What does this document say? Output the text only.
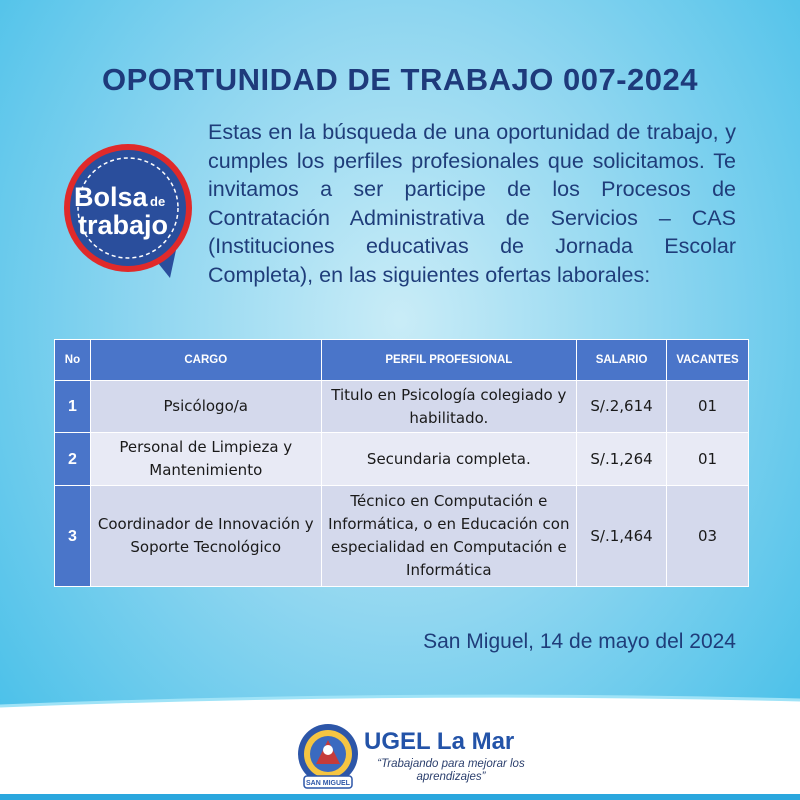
OPORTUNIDAD DE TRABAJO 007-2024
Bolsa de
trabajo
Estas en la búsqueda de una oportunidad de trabajo, y cumples los perfiles profesionales que solicitamos. Te invitamos a ser participe de los Procesos de Contratación Administrativa de Servicios – CAS (Instituciones educativas de Jornada Escolar Completa), en las siguientes ofertas laborales:
No	CARGO	PERFIL PROFESIONAL	SALARIO	VACANTES
1	Psicólogo/a	Titulo en Psicología colegiado y habilitado.	S/.2,614	01
2	Personal de Limpieza y Mantenimiento	Secundaria completa.	S/.1,264	01
3	Coordinador de Innovación y Soporte Tecnológico	Técnico en Computación e Informática, o en Educación con especialidad en Computación e Informática	S/.1,464	03
San Miguel, 14 de mayo del 2024
SAN MIGUEL
UGEL La Mar
“Trabajando para mejorar los aprendizajes”
